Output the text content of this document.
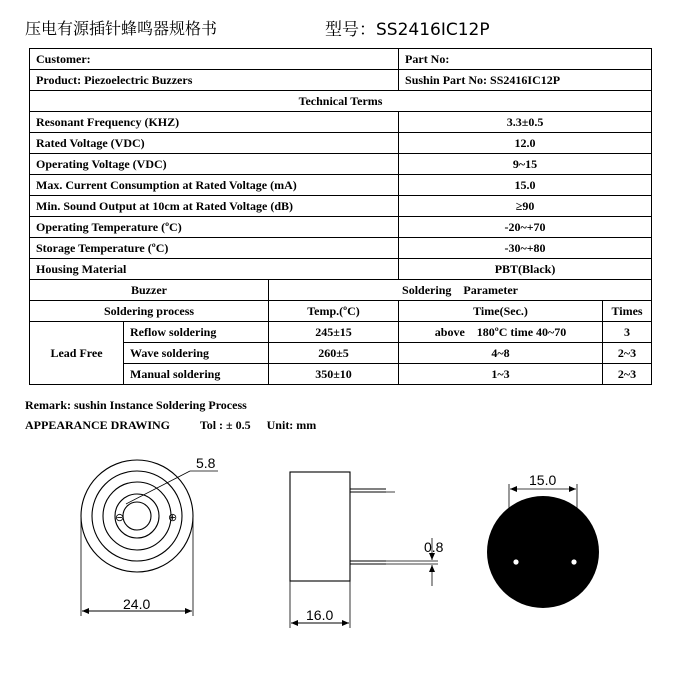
压电有源插针蜂鸣器规格书	型号：SS2416IC12P
Customer:			Part No:	
Product: Piezoelectric Buzzers			Sushin Part No: SS2416IC12P	
Technical Terms				
Resonant Frequency (KHZ)			3.3±0.5	
Rated Voltage (VDC)			12.0	
Operating Voltage (VDC)			9~15	
Max. Current Consumption at Rated Voltage (mA)			15.0	
Min. Sound Output at 10cm at Rated Voltage (dB)			≥90	
Operating Temperature (ºC)			-20~+70	
Storage Temperature (ºC)			-30~+80	
Housing Material			PBT(Black)	
Buzzer		Soldering    Parameter		
Soldering process		Temp.(ºC)	Time(Sec.)	Times
Lead Free	Reflow soldering	245±15	above    180ºC time 40~70	3
	Wave soldering	260±5	4~8	2~3
	Manual soldering	350±10	1~3	2~3
Remark: sushin Instance Soldering Process
APPEARANCE DRAWING Tol : ± 0.5 Unit: mm
24.0
5.8
⊖	⊕
16.0
0.8
15.0
